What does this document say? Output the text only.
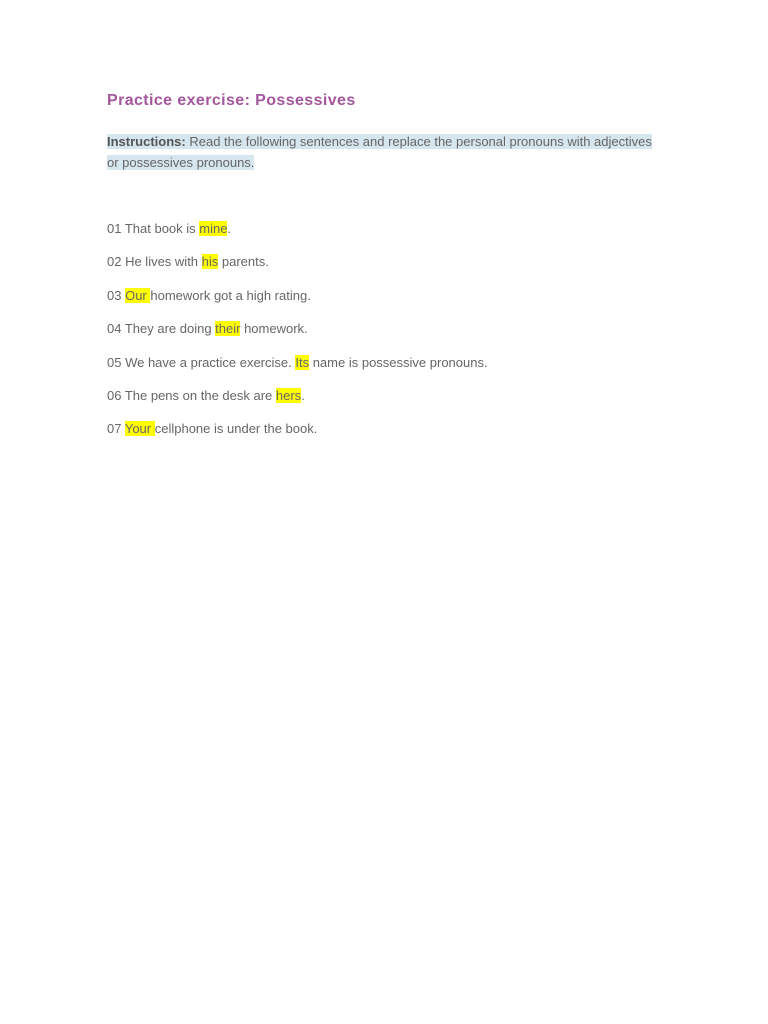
Practice exercise: Possessives

Instructions: Read the following sentences and replace the personal pronouns with adjectives or possessives pronouns.

01 That book is mine.
02 He lives with his parents.
03 Our homework got a high rating.
04 They are doing their homework.
05 We have a practice exercise. Its name is possessive pronouns.
06 The pens on the desk are hers.
07 Your cellphone is under the book.
